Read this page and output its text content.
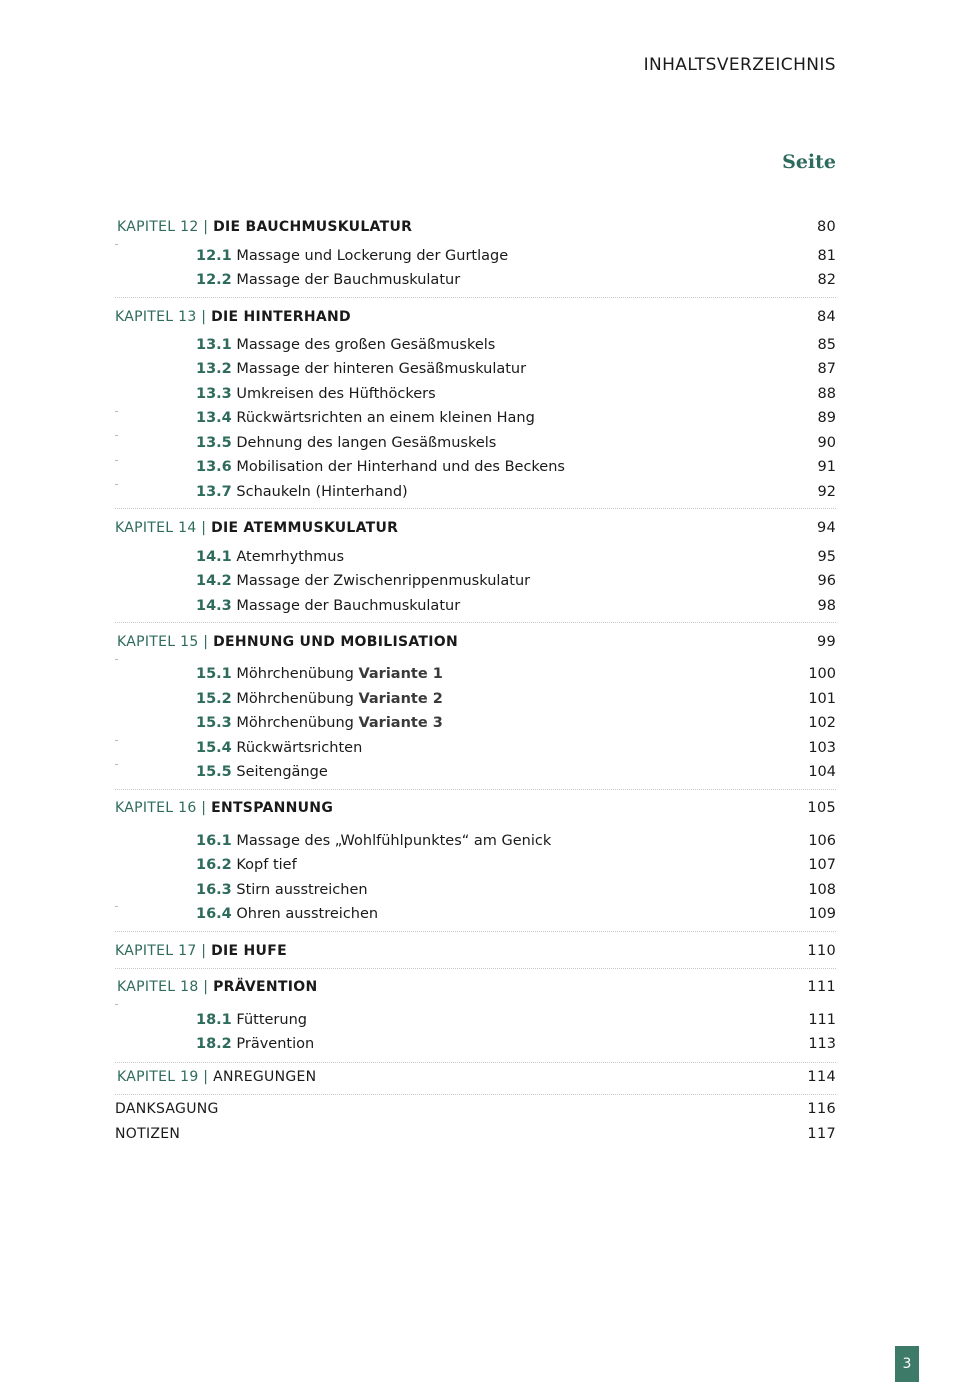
INHALTSVERZEICHNIS
Seite
KAPITEL 12 | DIE BAUCHMUSKULATUR	80
12.1 Massage und Lockerung der Gurtlage	81
12.2 Massage der Bauchmuskulatur	82
KAPITEL 13 | DIE HINTERHAND	84
13.1 Massage des großen Gesäßmuskels	85
13.2 Massage der hinteren Gesäßmuskulatur	87
13.3 Umkreisen des Hüfthöckers	88
13.4 Rückwärtsrichten an einem kleinen Hang	89
13.5 Dehnung des langen Gesäßmuskels	90
13.6 Mobilisation der Hinterhand und des Beckens	91
13.7 Schaukeln (Hinterhand)	92
KAPITEL 14 | DIE ATEMMUSKULATUR	94
14.1 Atemrhythmus	95
14.2 Massage der Zwischenrippenmuskulatur	96
14.3 Massage der Bauchmuskulatur	98
KAPITEL 15 | DEHNUNG UND MOBILISATION	99
15.1 Möhrchenübung Variante 1	100
15.2 Möhrchenübung Variante 2	101
15.3 Möhrchenübung Variante 3	102
15.4 Rückwärtsrichten	103
15.5 Seitengänge	104
KAPITEL 16 | ENTSPANNUNG	105
16.1 Massage des „Wohlfühlpunktes“ am Genick	106
16.2 Kopf tief	107
16.3 Stirn ausstreichen	108
16.4 Ohren ausstreichen	109
KAPITEL 17 | DIE HUFE	110
KAPITEL 18 | PRÄVENTION	111
18.1 Fütterung	111
18.2 Prävention	113
KAPITEL 19 | ANREGUNGEN	114
DANKSAGUNG	116
NOTIZEN	117
3
